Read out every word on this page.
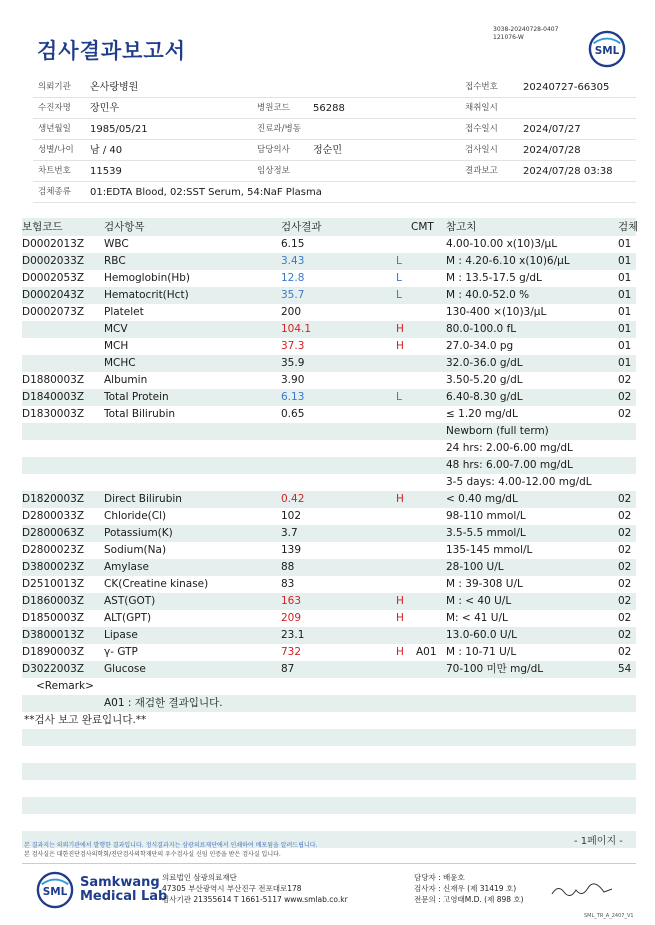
검사결과보고서
3038-20240728-0407
121076-W
SML
의뢰기관 온사랑병원	접수번호	20240727-66305
수진자명 장민우	병원코드 56288	채취일시
생년월일 1985/05/21	진료과/병동	접수일시	2024/07/27
성별/나이 남 / 40	담당의사 정순민	검사일시	2024/07/28
차트번호 11539	임상정보	결과보고	2024/07/28 03:38
검체종류 01:EDTA Blood, 02:SST Serum, 54:NaF Plasma
보험코드	검사항목	검사결과	CMT 참고치	검체
D0002013Z WBC	6.15	4.00-10.00 x(10)3/µL	01
D0002033Z RBC	3.43	L	M : 4.20-6.10 x(10)6/µL	01
D0002053Z Hemoglobin(Hb)	12.8	L	M : 13.5-17.5 g/dL	01
D0002043Z Hematocrit(Hct)	35.7	L	M : 40.0-52.0 %	01
D0002073Z Platelet	200	130-400 ×(10)3/µL	01
MCV	104.1	H	80.0-100.0 fL	01
MCH	37.3	H	27.0-34.0 pg	01
MCHC	35.9	32.0-36.0 g/dL	01
D1880003Z Albumin	3.90	3.50-5.20 g/dL	02
D1840003Z Total Protein	6.13	L	6.40-8.30 g/dL	02
D1830003Z Total Bilirubin	0.65	≤ 1.20 mg/dL	02
Newborn (full term)
24 hrs: 2.00-6.00 mg/dL
48 hrs: 6.00-7.00 mg/dL
3-5 days: 4.00-12.00 mg/dL
D1820003Z Direct Bilirubin	0.42	H	< 0.40 mg/dL	02
D2800033Z Chloride(Cl)	102	98-110 mmol/L	02
D2800063Z Potassium(K)	3.7	3.5-5.5 mmol/L	02
D2800023Z Sodium(Na)	139	135-145 mmol/L	02
D3800023Z Amylase	88	28-100 U/L	02
D2510013Z CK(Creatine kinase)	83	M : 39-308 U/L	02
D1860003Z AST(GOT)	163	H	M : < 40 U/L	02
D1850003Z ALT(GPT)	209	H	M: < 41 U/L	02
D3800013Z Lipase	23.1	13.0-60.0 U/L	02
D1890003Z γ- GTP	732	H A01 M : 10-71 U/L	02
D3022003Z Glucose	87	70-100 미만 mg/dL	54
<Remark>
A01 : 재검한 결과입니다.
**검사 보고 완료입니다.**
본 결과지는 의뢰기관에서 발행한 결과입니다. 정식결과지는 삼광의료재단에서 인쇄하여 배포됨을 알려드립니다.
본 검사실은 대한진단검사의학회/진단검사의학재단의 우수검사실 신임 인증을 받은 검사실 입니다.
- 1페이지 -
SML
Samkwang
Medical Lab
의료법인 삼광의료재단
47305 부산광역시 부산진구 전포대로178
검사기관 21355614 T 1661-5117 www.smlab.co.kr
담당자 : 배윤호
검사자 : 신재우 (제 31419 호)
전문의 : 고영태M.D. (제 898 호)
SML_TR_A_2407_V1
